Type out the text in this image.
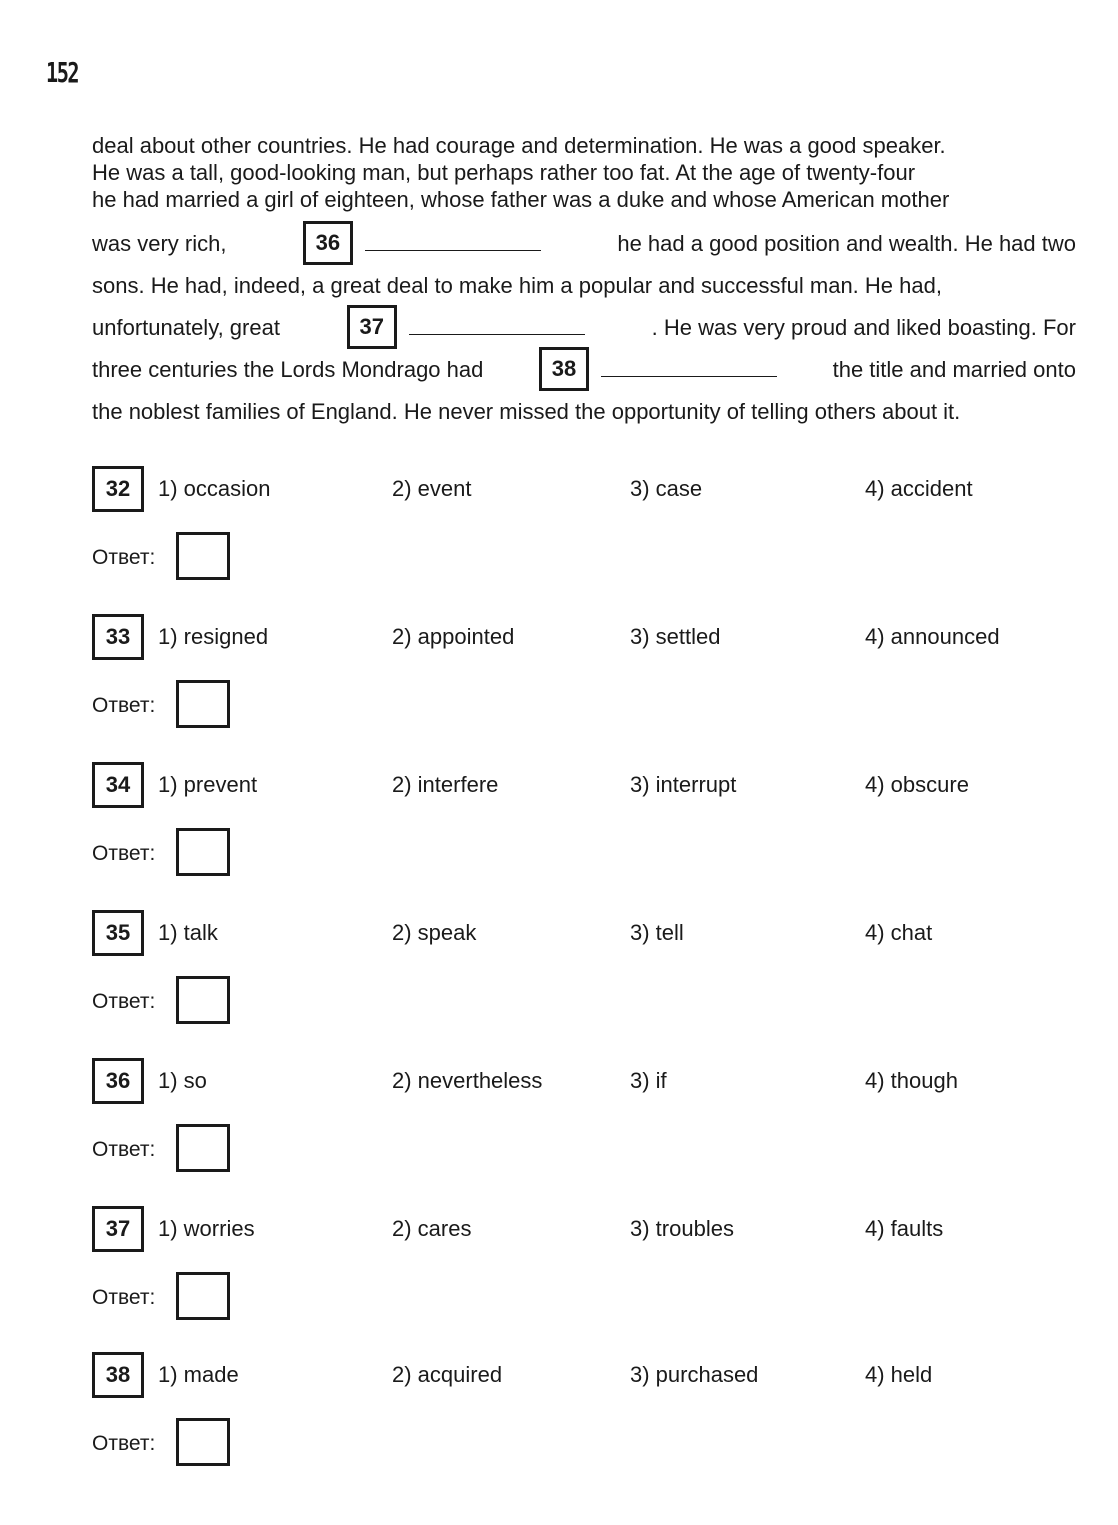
152
deal about other countries. He had courage and determination. He was a good speaker.
He was a tall, good-looking man, but perhaps rather too fat. At the age of twenty-four
he had married a girl of eighteen, whose father was a duke and whose American mother
was very rich,	36	he had a good position and wealth. He had two
sons. He had, indeed, a great deal to make him a popular and successful man. He had,
unfortunately, great	37	. He was very proud and liked boasting. For
three centuries the Lords Mondrago had	38	the title and married onto
the noblest families of England. He never missed the opportunity of telling others about it.
32	1) occasion	2) event	3) case	4) accident
Ответ:
33	1) resigned	2) appointed	3) settled	4) announced
Ответ:
34	1) prevent	2) interfere	3) interrupt	4) obscure
Ответ:
35	1) talk	2) speak	3) tell	4) chat
Ответ:
36	1) so	2) nevertheless	3) if	4) though
Ответ:
37	1) worries	2) cares	3) troubles	4) faults
Ответ:
38	1) made	2) acquired	3) purchased	4) held
Ответ:
